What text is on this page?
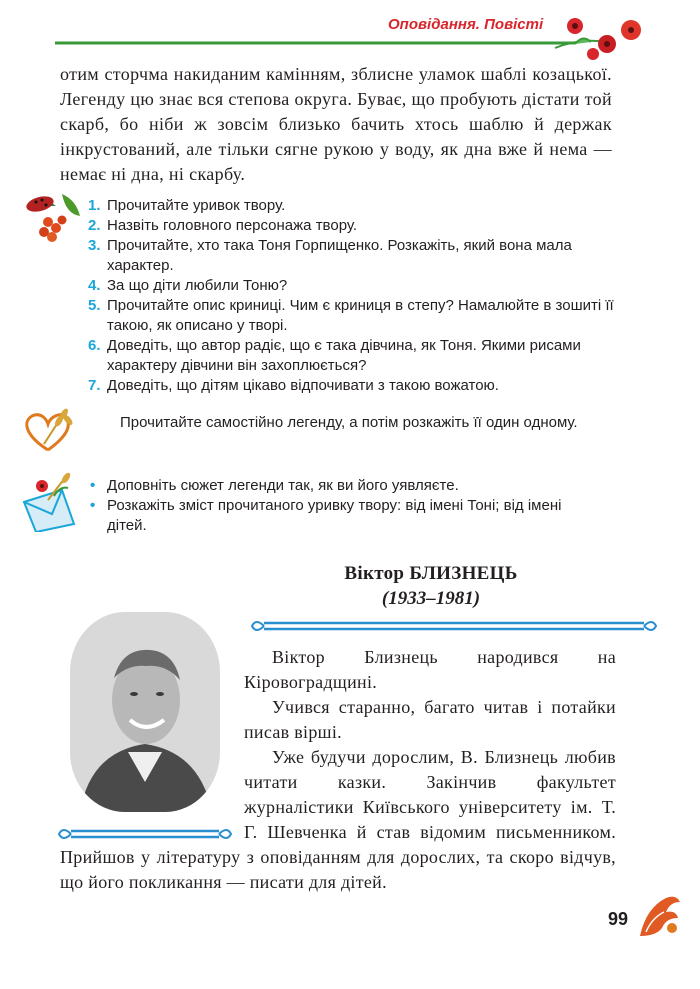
Оповідання. Повісті
отим сторчма накиданим камінням, зблисне уламок шаблі козацької. Легенду цю знає вся степова округа. Буває, що пробують дістати той скарб, бо ніби ж зовсім близько бачить хтось шаблю й держак інкрустований, але тільки сягне рукою у воду, як дна вже й нема — немає ні дна, ні скарбу.
1. Прочитайте уривок твору.
2. Назвіть головного персонажа твору.
3. Прочитайте, хто така Тоня Горпищенко. Розкажіть, який вона мала характер.
4. За що діти любили Тоню?
5. Прочитайте опис криниці. Чим є криниця в степу? Намалюйте в зошиті її такою, як описано у творі.
6. Доведіть, що автор радіє, що є така дівчина, як Тоня. Якими рисами характеру дівчини він захоплюється?
7. Доведіть, що дітям цікаво відпочивати з такою вожатою.
Прочитайте самостійно легенду, а потім розкажіть її один одному.
• Доповніть сюжет легенди так, як ви його уявляєте.
• Розкажіть зміст прочитаного уривку твору: від імені Тоні; від імені дітей.
Віктор БЛИЗНЕЦЬ
(1933–1981)

Віктор Близнець народився на Кіровоградщині.

Учився старанно, багато читав і потайки писав вірші.

Уже будучи дорослим, В. Близнець любив читати казки. Закінчив факультет журналістики Київського університету ім. Т. Г. Шевченка й став відомим письменником. Прийшов у літературу з оповіданням для дорослих, та скоро відчув, що його покликання — писати для дітей.

99
